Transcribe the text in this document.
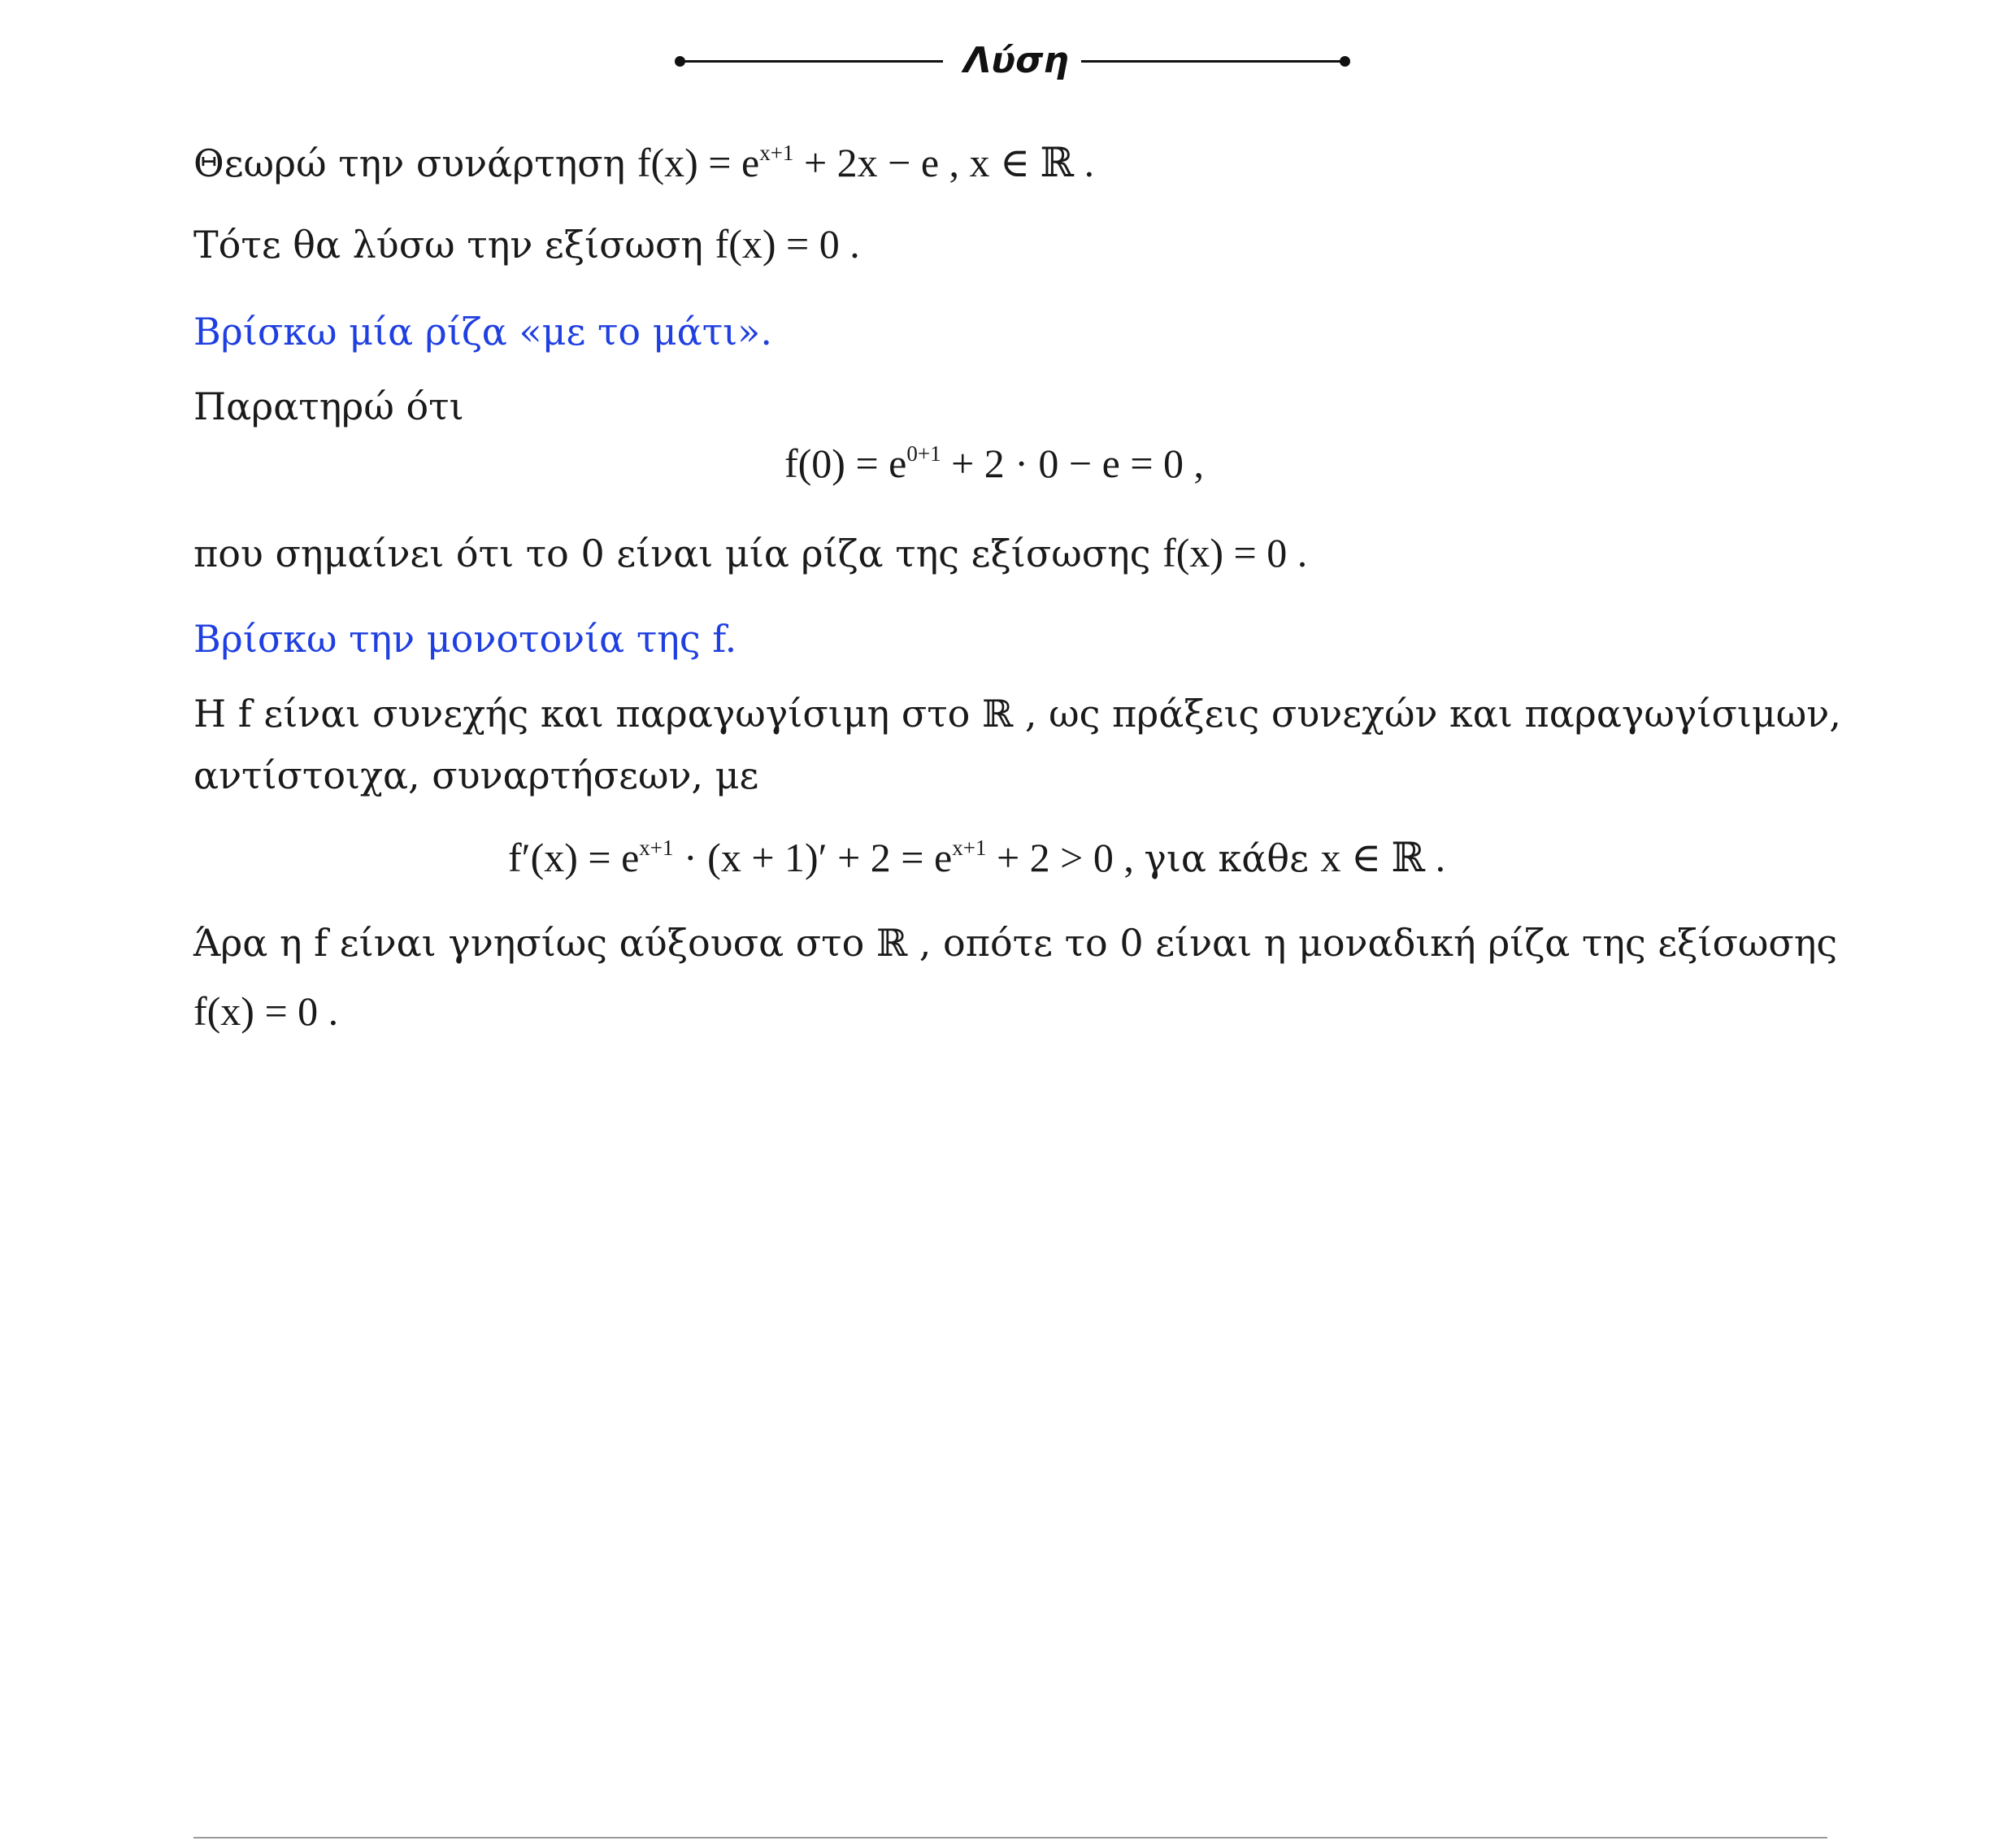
Λύση
Θεωρώ την συνάρτηση $f(x) = e^{x+1} + 2x - e$ , x ∈ ℝ .
Τότε θα λύσω την εξίσωση f(x) = 0 .
Βρίσκω μία ρίζα «με το μάτι».
Παρατηρώ ότι
$f(0) = e^{0+1} + 2 \cdot 0 - e = 0$ ,
που σημαίνει ότι το 0 είναι μία ρίζα της εξίσωσης f(x) = 0 .
Βρίσκω την μονοτονία της f.
Η f είναι συνεχής και παραγωγίσιμη στο ℝ , ως πράξεις συνεχών και παραγωγίσιμων,
αντίστοιχα, συναρτήσεων, με
$f'(x) = e^{x+1} \cdot (x + 1)' + 2 = e^{x+1} + 2 > 0$ , για κάθε x ∈ ℝ .
Άρα η f είναι γνησίως αύξουσα στο ℝ , οπότε το 0 είναι η μοναδική ρίζα της εξίσωσης
f(x) = 0 .
